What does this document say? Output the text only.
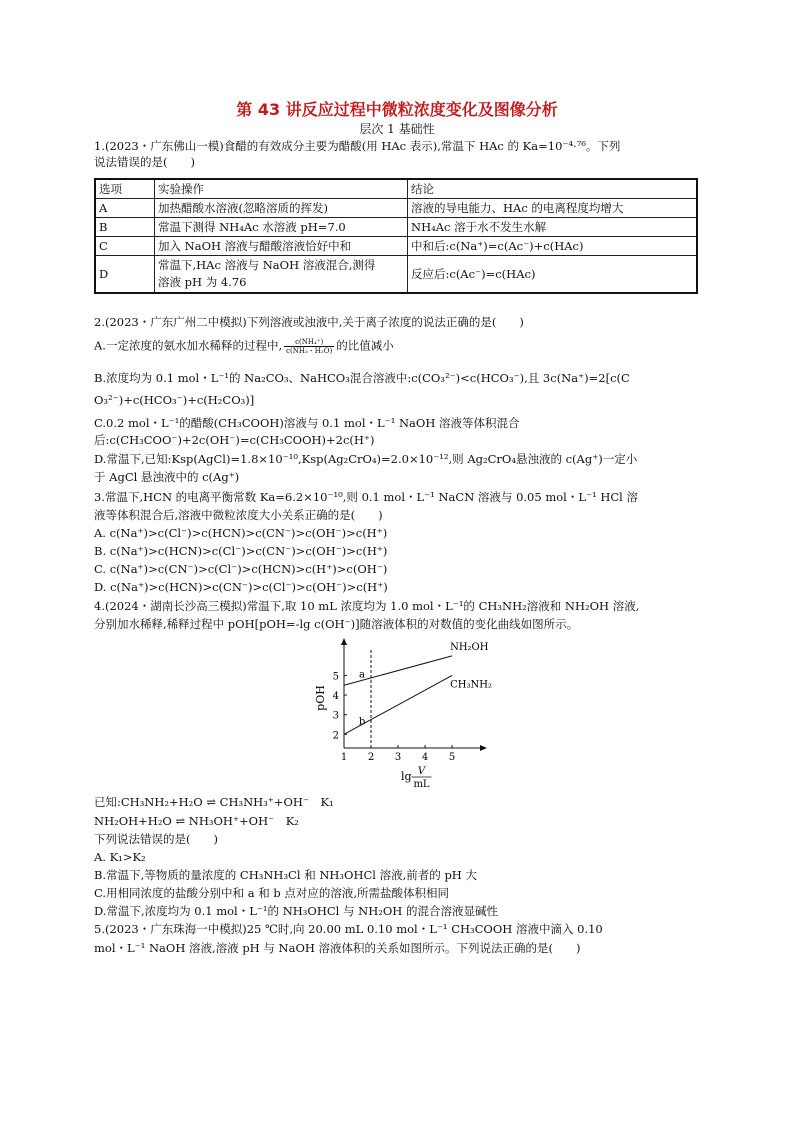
第 43 讲反应过程中微粒浓度变化及图像分析
层次 1 基础性
1.(2023・广东佛山一模)食醋的有效成分主要为醋酸(用 HAc 表示),常温下 HAc 的 Ka=10⁻⁴·⁷⁶。下列
说法错误的是(　　)
选项	实验操作	结论
A	加热醋酸水溶液(忽略溶质的挥发)	溶液的导电能力、HAc 的电离程度均增大
B	常温下测得 NH₄Ac 水溶液 pH=7.0	NH₄Ac 溶于水不发生水解
C	加入 NaOH 溶液与醋酸溶液恰好中和	中和后:c(Na⁺)=c(Ac⁻)+c(HAc)
D	常温下,HAc 溶液与 NaOH 溶液混合,测得
溶液 pH 为 4.76	反应后:c(Ac⁻)=c(HAc)
2.(2023・广东广州二中模拟)下列溶液或浊液中,关于离子浓度的说法正确的是(　　)
A.一定浓度的氨水加水稀释的过程中, $\frac{\text{c(NH₄⁺)}}{\text{c(NH₃・H₂O)}}$ 的比值减小
B.浓度均为 0.1 mol・L⁻¹的 Na₂CO₃、NaHCO₃混合溶液中:c(CO₃²⁻)<c(HCO₃⁻),且 3c(Na⁺)=2[c(C
O₃²⁻)+c(HCO₃⁻)+c(H₂CO₃)]
C.0.2 mol・L⁻¹的醋酸(CH₃COOH)溶液与 0.1 mol・L⁻¹ NaOH 溶液等体积混合
后:c(CH₃COO⁻)+2c(OH⁻)=c(CH₃COOH)+2c(H⁺)
D.常温下,已知:Ksp(AgCl)=1.8×10⁻¹⁰,Ksp(Ag₂CrO₄)=2.0×10⁻¹²,则 Ag₂CrO₄悬浊液的 c(Ag⁺)一定小
于 AgCl 悬浊液中的 c(Ag⁺)
3.常温下,HCN 的电离平衡常数 Ka=6.2×10⁻¹⁰,则 0.1 mol・L⁻¹ NaCN 溶液与 0.05 mol・L⁻¹ HCl 溶
液等体积混合后,溶液中微粒浓度大小关系正确的是(　　)
A. c(Na⁺)>c(Cl⁻)>c(HCN)>c(CN⁻)>c(OH⁻)>c(H⁺)
B. c(Na⁺)>c(HCN)>c(Cl⁻)>c(CN⁻)>c(OH⁻)>c(H⁺)
C. c(Na⁺)>c(CN⁻)>c(Cl⁻)>c(HCN)>c(H⁺)>c(OH⁻)
D. c(Na⁺)>c(HCN)>c(CN⁻)>c(Cl⁻)>c(OH⁻)>c(H⁺)
4.(2024・湖南长沙高三模拟)常温下,取 10 mL 浓度均为 1.0 mol・L⁻¹的 CH₃NH₂溶液和 NH₂OH 溶液,
分别加水稀释,稀释过程中 pOH[pOH=-lg c(OH⁻)]随溶液体积的对数值的变化曲线如图所示。
1 2 3 4 5
2
3
4
5
NH₂OH
CH₃NH₂
a
b
pOH
lg V
mL
已知:CH₃NH₂+H₂O ⇌ CH₃NH₃⁺+OH⁻　K₁
NH₂OH+H₂O ⇌ NH₃OH⁺+OH⁻　K₂
下列说法错误的是(　　)
A. K₁>K₂
B.常温下,等物质的量浓度的 CH₃NH₃Cl 和 NH₃OHCl 溶液,前者的 pH 大
C.用相同浓度的盐酸分别中和 a 和 b 点对应的溶液,所需盐酸体积相同
D.常温下,浓度均为 0.1 mol・L⁻¹的 NH₃OHCl 与 NH₂OH 的混合溶液显碱性
5.(2023・广东珠海一中模拟)25 ℃时,向 20.00 mL 0.10 mol・L⁻¹ CH₃COOH 溶液中滴入 0.10
mol・L⁻¹ NaOH 溶液,溶液 pH 与 NaOH 溶液体积的关系如图所示。下列说法正确的是(　　)
